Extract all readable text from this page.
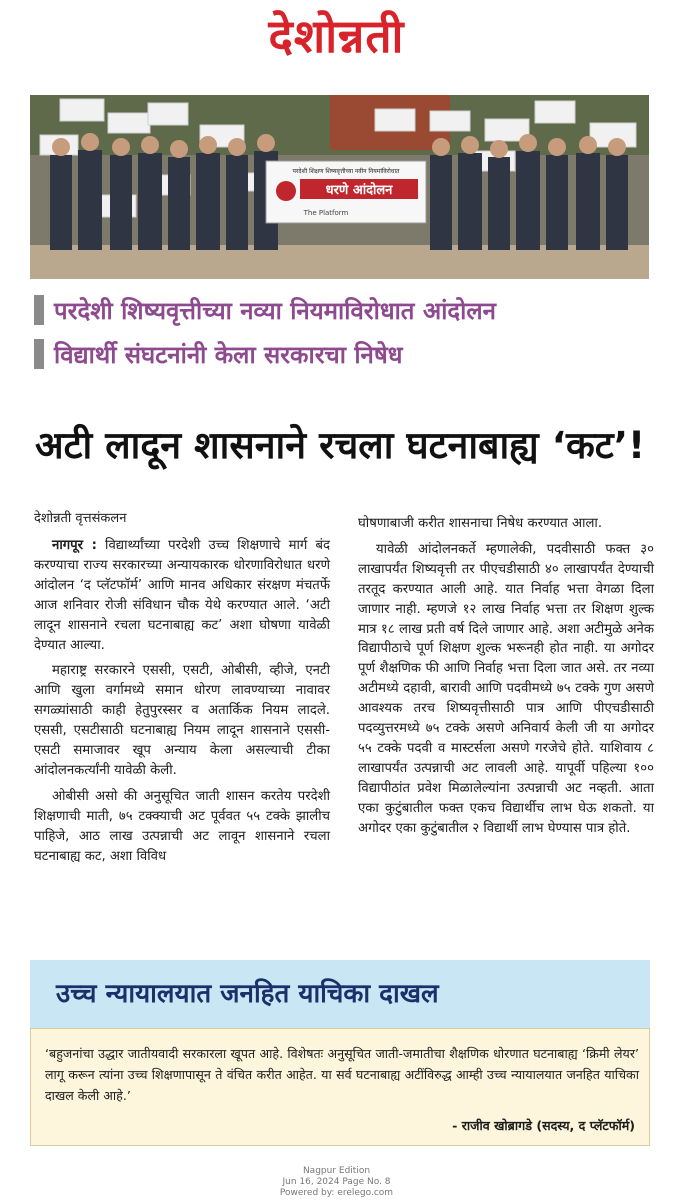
देशोन्नती
परदेशी शिक्षण शिष्यवृत्तीच्या नवीन नियमांविरोधात
धरणे आंदोलन
The Platform
परदेशी शिष्यवृत्तीच्या नव्या नियमाविरोधात आंदोलन
विद्यार्थी संघटनांनी केला सरकारचा निषेध
अटी लादून शासनाने रचला घटनाबाह्य ‘कट’!
देशोन्नती वृत्तसंकलन

नागपूर : विद्यार्थ्यांच्या परदेशी उच्च शिक्षणाचे मार्ग बंद करण्याचा राज्य सरकारच्या अन्यायकारक धोरणाविरोधात धरणे आंदोलन ‘द प्लॅटफॉर्म’ आणि मानव अधिकार संरक्षण मंचतर्फे आज शनिवार रोजी संविधान चौक येथे करण्यात आले. ‘अटी लादून शासनाने रचला घटनाबाह्य कट’ अशा घोषणा यावेळी देण्यात आल्या.

महाराष्ट्र सरकारने एससी, एसटी, ओबीसी, व्हीजे, एनटी आणि खुला वर्गामध्ये समान धोरण लावण्याच्या नावावर सगळ्यांसाठी काही हेतुपुरस्सर व अतार्किक नियम लादले. एससी, एसटीसाठी घटनाबाह्य नियम लादून शासनाने एससी-एसटी समाजावर खूप अन्याय केला असल्याची टीका आंदोलनकर्त्यांनी यावेळी केली.

ओबीसी असो की अनुसूचित जाती शासन करतेय परदेशी शिक्षणाची माती, ७५ टक्क्याची अट पूर्ववत ५५ टक्के झालीच पाहिजे, आठ लाख उत्पन्नाची अट लावून शासनाने रचला घटनाबाह्य कट, अशा विविध

घोषणाबाजी करीत शासनाचा निषेध करण्यात आला.

यावेळी आंदोलनकर्ते म्हणालेकी, पदवीसाठी फक्त ३० लाखापर्यंत शिष्यवृत्ती तर पीएचडीसाठी ४० लाखापर्यंत देण्याची तरतूद करण्यात आली आहे. यात निर्वाह भत्ता वेगळा दिला जाणार नाही. म्हणजे १२ लाख निर्वाह भत्ता तर शिक्षण शुल्क मात्र १८ लाख प्रती वर्ष दिले जाणार आहे. अशा अटीमुळे अनेक विद्यापीठाचे पूर्ण शिक्षण शुल्क भरूनही होत नाही. या अगोदर पूर्ण शैक्षणिक फी आणि निर्वाह भत्ता दिला जात असे. तर नव्या अटीमध्ये दहावी, बारावी आणि पदवीमध्ये ७५ टक्के गुण असणे आवश्यक तरच शिष्यवृत्तीसाठी पात्र आणि पीएचडीसाठी पदव्युत्तरमध्ये ७५ टक्के असणे अनिवार्य केली जी या अगोदर ५५ टक्के पदवी व मास्टर्सला असणे गरजेचे होते. याशिवाय ८ लाखापर्यंत उत्पन्नाची अट लावली आहे. यापूर्वी पहिल्या १०० विद्यापीठांत प्रवेश मिळालेल्यांना उत्पन्नाची अट नव्हती. आता एका कुटुंबातील फक्त एकच विद्यार्थीच लाभ घेऊ शकतो. या अगोदर एका कुटुंबातील २ विद्यार्थी लाभ घेण्यास पात्र होते.

उच्च न्यायालयात जनहित याचिका दाखल
‘बहुजनांचा उद्धार जातीयवादी सरकारला खूपत आहे. विशेषतः अनुसूचित जाती-जमातीचा शैक्षणिक धोरणात घटनाबाह्य ‘क्रिमी लेयर’ लागू करून त्यांना उच्च शिक्षणापासून ते वंचित करीत आहेत. या सर्व घटनाबाह्य अटींविरुद्ध आम्ही उच्च न्यायालयात जनहित याचिका दाखल केली आहे.’
- राजीव खोब्रागडे (सदस्य, द प्लॅटफॉर्म)
Nagpur Edition
Jun 16, 2024 Page No. 8
Powered by: erelego.com
